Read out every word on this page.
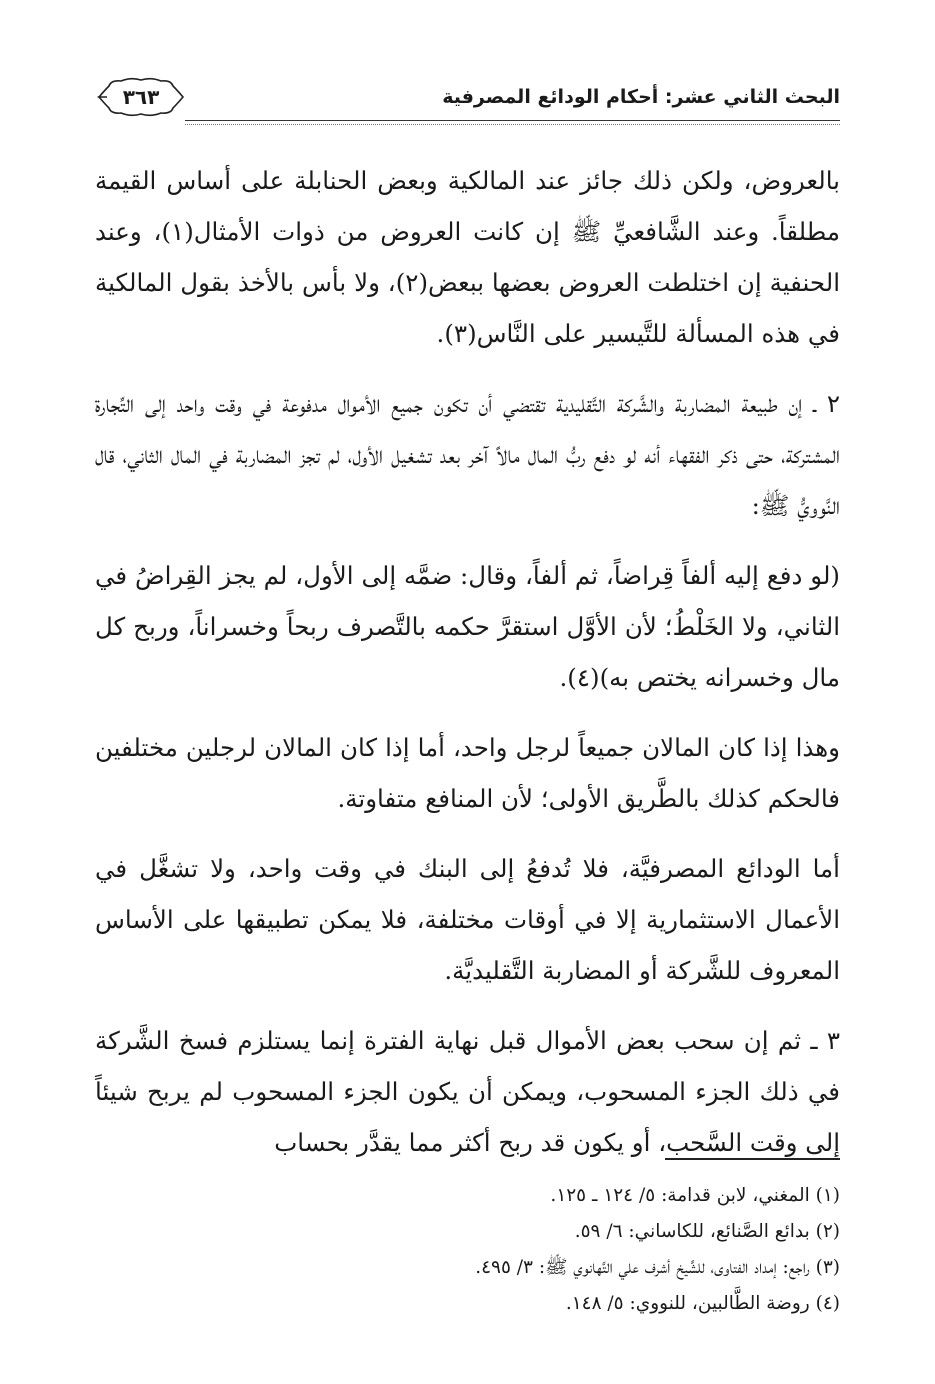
البحث الثاني عشر: أحكام الودائع المصرفية
٣٦٣

بالعروض، ولكن ذلك جائز عند المالكية وبعض الحنابلة على أساس القيمة مطلقاً. وعند الشَّافعيِّ ﷺ إن كانت العروض من ذوات الأمثال(١)، وعند الحنفية إن اختلطت العروض بعضها ببعض(٢)، ولا بأس بالأخذ بقول المالكية في هذه المسألة للتَّيسير على النَّاس(٣).

٢ ـ إن طبيعة المضاربة والشَّركة التَّقليدية تقتضي أن تكون جميع الأموال مدفوعة في وقت واحد إلى التِّجارة المشتركة، حتى ذكر الفقهاء أنه لو دفع ربُّ المال مالاً آخر بعد تشغيل الأول، لم تجز المضاربة في المال الثاني، قال النَّوويُّ ﷺ:

(لو دفع إليه ألفاً قِراضاً، ثم ألفاً، وقال: ضمَّه إلى الأول، لم يجز القِراضُ في الثاني، ولا الخَلْطُ؛ لأن الأوَّل استقرَّ حكمه بالتَّصرف ربحاً وخسراناً، وربح كل مال وخسرانه يختص به)(٤).

وهذا إذا كان المالان جميعاً لرجل واحد، أما إذا كان المالان لرجلين مختلفين فالحكم كذلك بالطَّريق الأولى؛ لأن المنافع متفاوتة.

أما الودائع المصرفيَّة، فلا تُدفعُ إلى البنك في وقت واحد، ولا تشغَّل في الأعمال الاستثمارية إلا في أوقات مختلفة، فلا يمكن تطبيقها على الأساس المعروف للشَّركة أو المضاربة التَّقليديَّة.

٣ ـ ثم إن سحب بعض الأموال قبل نهاية الفترة إنما يستلزم فسخ الشَّركة في ذلك الجزء المسحوب، ويمكن أن يكون الجزء المسحوب لم يربح شيئاً إلى وقت السَّحب، أو يكون قد ربح أكثر مما يقدَّر بحساب

(١) المغني، لابن قدامة: ٥/ ١٢٤ ـ ١٢٥.

(٢) بدائع الصَّنائع، للكاساني: ٦/ ٥٩.

(٣) راجع: إمداد الفتاوى، للشَّيخ أشرف علي التَّهانوي ﷺ: ٣/ ٤٩٥.

(٤) روضة الطَّالبين، للنووي: ٥/ ١٤٨.
